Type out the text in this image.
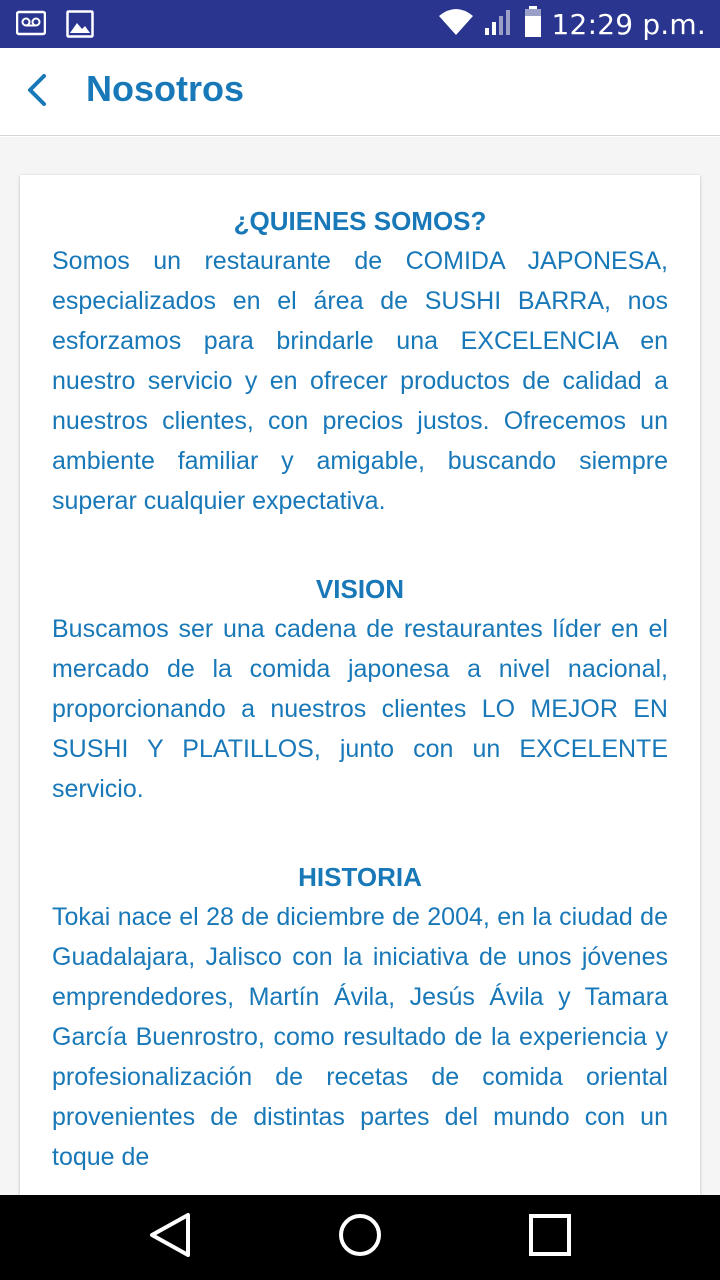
12:29 p.m.
Nosotros
¿QUIENES SOMOS?
Somos un restaurante de COMIDA JAPONESA, especializados en el área de SUSHI BARRA, nos esforzamos para brindarle una EXCELENCIA en nuestro servicio y en ofrecer productos de calidad a nuestros clientes, con precios justos. Ofrecemos un ambiente familiar y amigable, buscando siempre superar cualquier expectativa.
VISION
Buscamos ser una cadena de restaurantes líder en el mercado de la comida japonesa a nivel nacional, proporcionando a nuestros clientes LO MEJOR EN SUSHI Y PLATILLOS, junto con un EXCELENTE servicio.
HISTORIA
Tokai nace el 28 de diciembre de 2004, en la ciudad de Guadalajara, Jalisco con la iniciativa de unos jóvenes emprendedores, Martín Ávila, Jesús Ávila y Tamara García Buenrostro, como resultado de la experiencia y profesionalización de recetas de comida oriental provenientes de distintas partes del mundo con un toque de
